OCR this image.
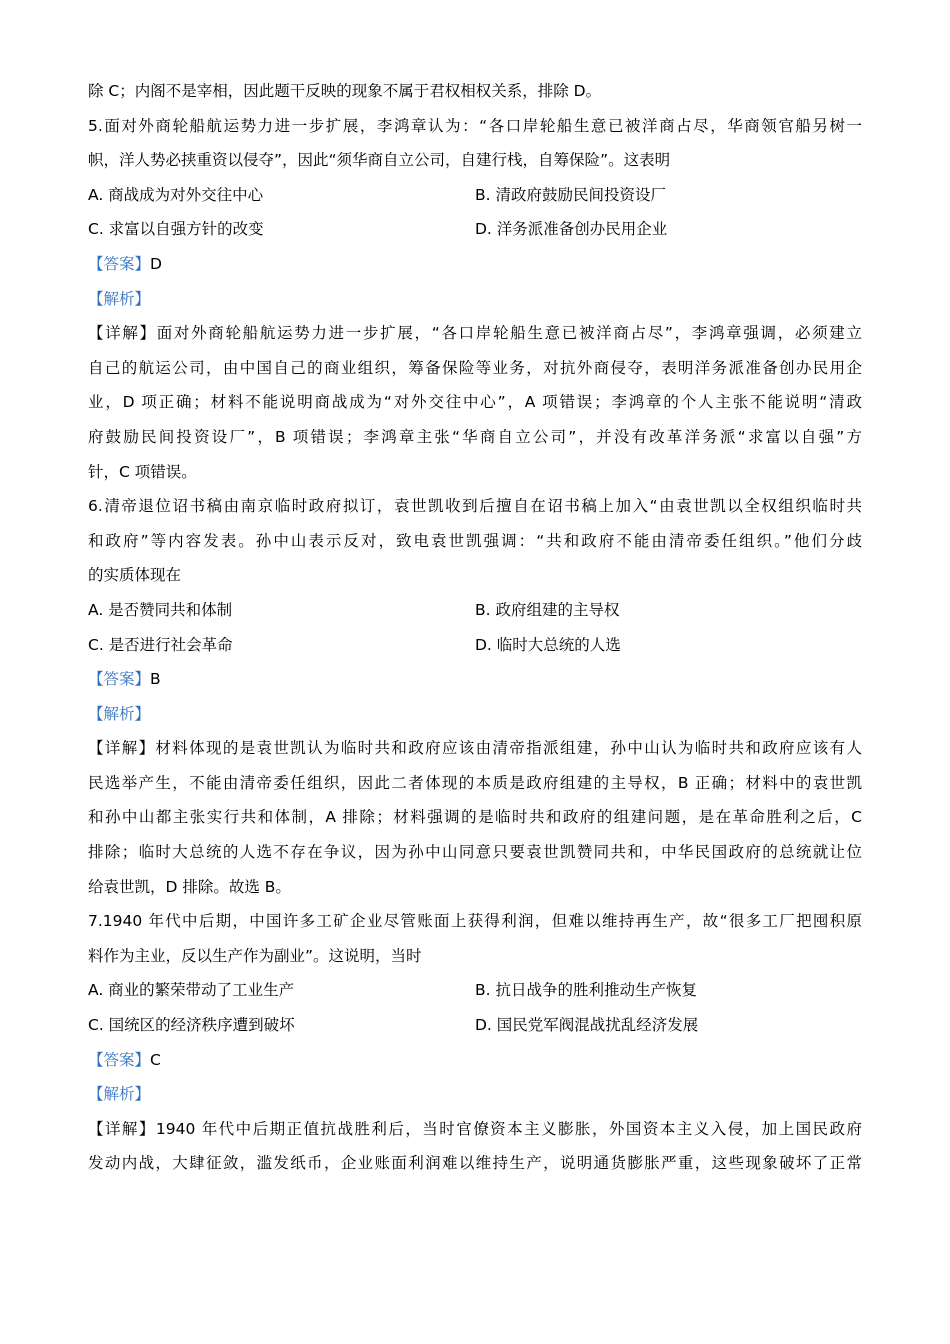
除 C；内阁不是宰相，因此题干反映的现象不属于君权相权关系，排除 D。
5.面对外商轮船航运势力进一步扩展，李鸿章认为：“各口岸轮船生意已被洋商占尽，华商领官船另树一
帜，洋人势必挟重资以侵夺”，因此“须华商自立公司，自建行栈，自筹保险”。这表明
A. 商战成为对外交往中心	B. 清政府鼓励民间投资设厂
C. 求富以自强方针的改变	D. 洋务派准备创办民用企业
【答案】D
【解析】
【详解】面对外商轮船航运势力进一步扩展，“各口岸轮船生意已被洋商占尽”，李鸿章强调，必须建立
自己的航运公司，由中国自己的商业组织，筹备保险等业务，对抗外商侵夺，表明洋务派准备创办民用企
业，D 项正确；材料不能说明商战成为“对外交往中心”，A 项错误；李鸿章的个人主张不能说明“清政
府鼓励民间投资设厂”，B 项错误；李鸿章主张“华商自立公司”，并没有改革洋务派“求富以自强”方
针，C 项错误。
6.清帝退位诏书稿由南京临时政府拟订，袁世凯收到后擅自在诏书稿上加入“由袁世凯以全权组织临时共
和政府”等内容发表。孙中山表示反对，致电袁世凯强调：“共和政府不能由清帝委任组织。”他们分歧
的实质体现在
A. 是否赞同共和体制	B. 政府组建的主导权
C. 是否进行社会革命	D. 临时大总统的人选
【答案】B
【解析】
【详解】材料体现的是袁世凯认为临时共和政府应该由清帝指派组建，孙中山认为临时共和政府应该有人
民选举产生，不能由清帝委任组织，因此二者体现的本质是政府组建的主导权，B 正确；材料中的袁世凯
和孙中山都主张实行共和体制，A 排除；材料强调的是临时共和政府的组建问题，是在革命胜利之后，C
排除；临时大总统的人选不存在争议，因为孙中山同意只要袁世凯赞同共和，中华民国政府的总统就让位
给袁世凯，D 排除。故选 B。
7.1940 年代中后期，中国许多工矿企业尽管账面上获得利润，但难以维持再生产，故“很多工厂把囤积原
料作为主业，反以生产作为副业”。这说明，当时
A. 商业的繁荣带动了工业生产	B. 抗日战争的胜利推动生产恢复
C. 国统区的经济秩序遭到破坏	D. 国民党军阀混战扰乱经济发展
【答案】C
【解析】
【详解】1940 年代中后期正值抗战胜利后，当时官僚资本主义膨胀，外国资本主义入侵，加上国民政府
发动内战，大肆征敛，滥发纸币，企业账面利润难以维持生产，说明通货膨胀严重，这些现象破坏了正常
